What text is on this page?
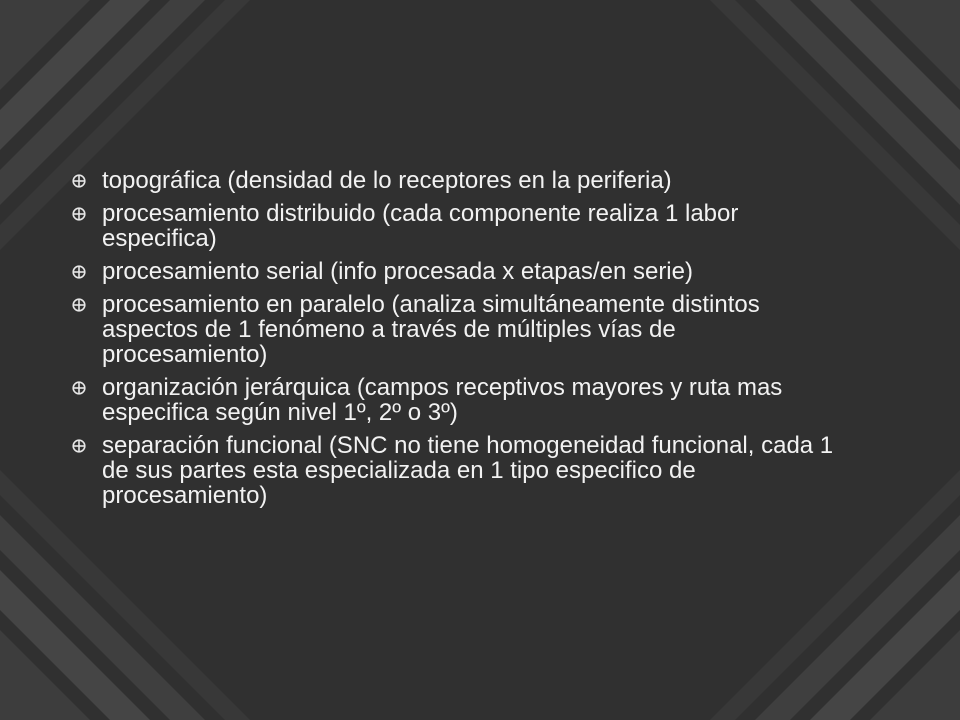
topográfica (densidad de lo receptores en la periferia)
procesamiento distribuido (cada componente realiza 1 labor especifica)
procesamiento serial (info procesada x etapas/en serie)
procesamiento en paralelo (analiza simultáneamente distintos aspectos de 1 fenómeno a través de múltiples vías de procesamiento)
organización jerárquica (campos receptivos mayores y ruta mas especifica según nivel 1º, 2º o 3º)
separación funcional (SNC no tiene homogeneidad funcional, cada 1 de sus partes esta especializada en 1 tipo especifico de procesamiento)
